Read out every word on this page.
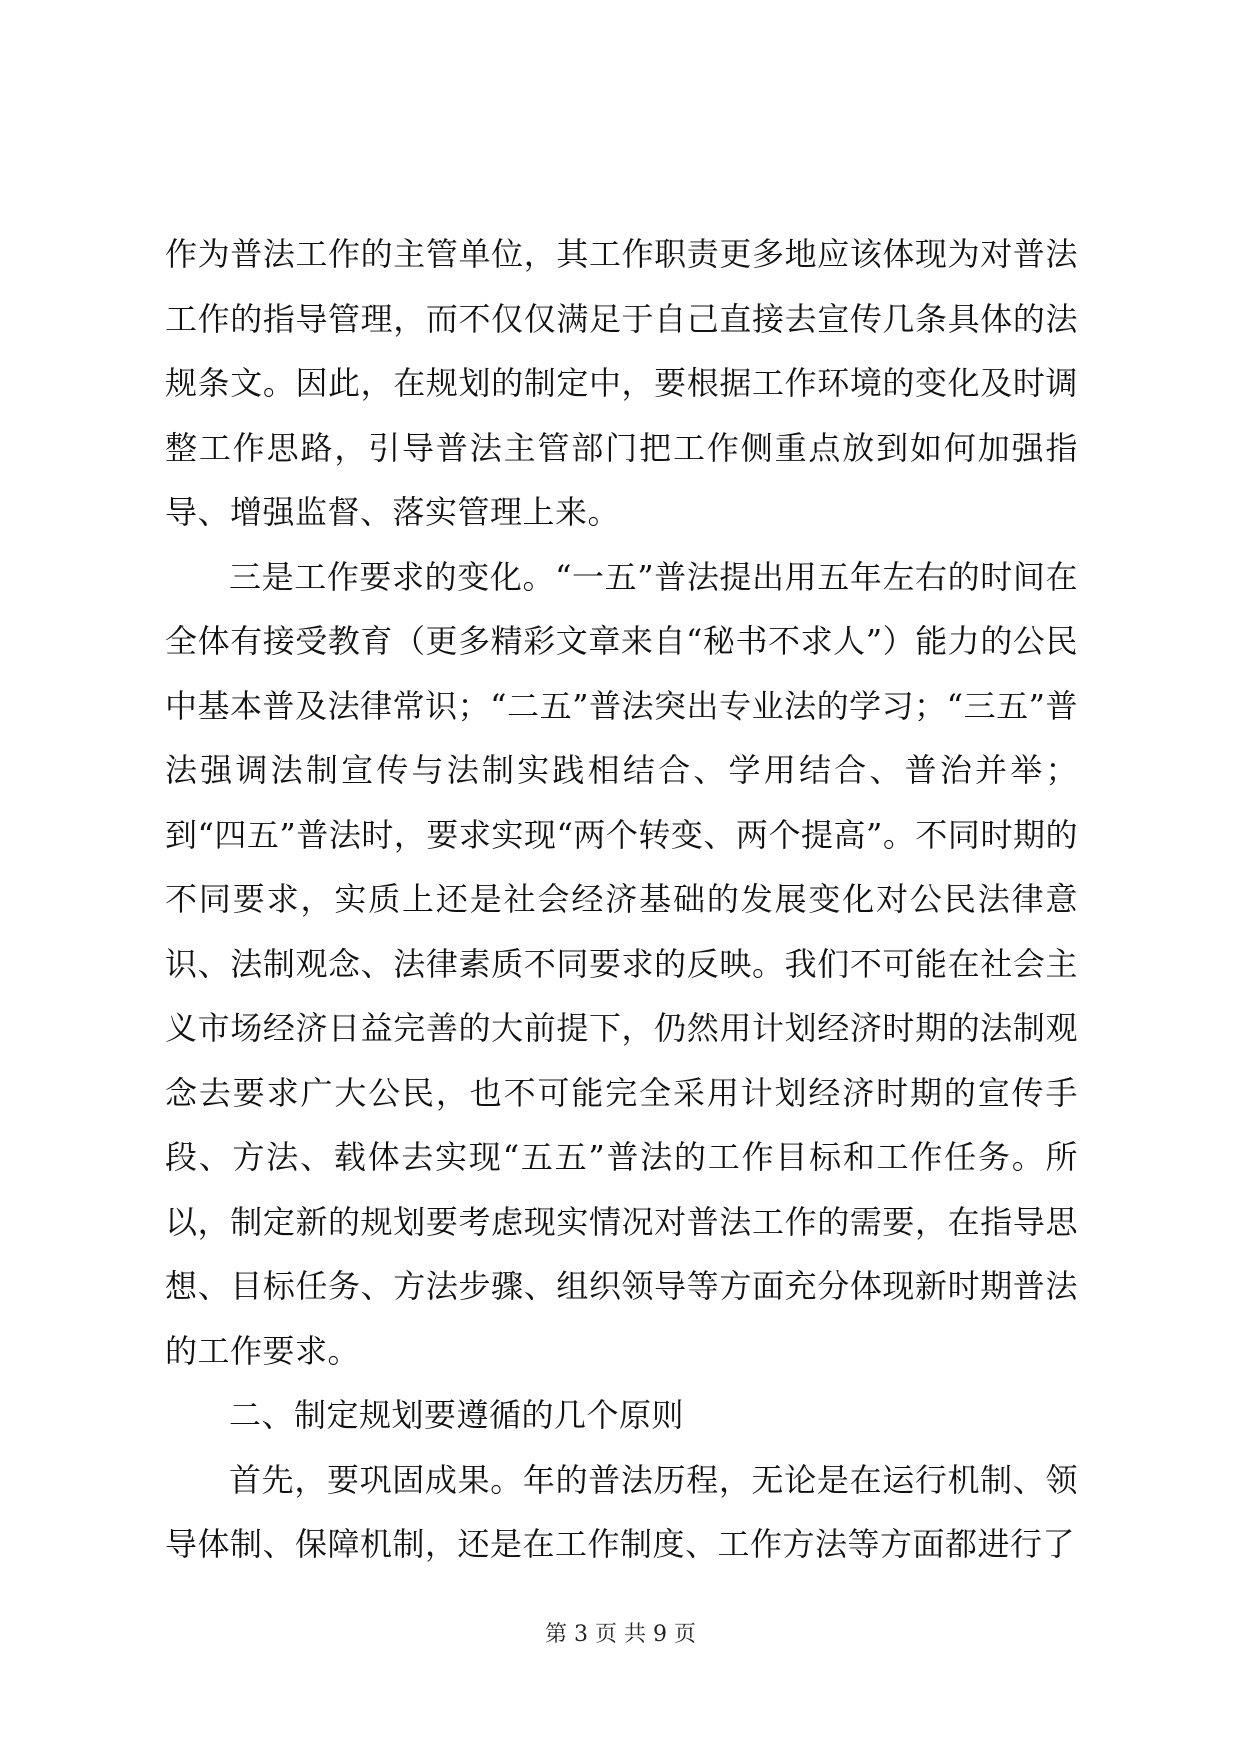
作为普法工作的主管单位，其工作职责更多地应该体现为对普法工作的指导管理，而不仅仅满足于自己直接去宣传几条具体的法规条文。因此，在规划的制定中，要根据工作环境的变化及时调整工作思路，引导普法主管部门把工作侧重点放到如何加强指导、增强监督、落实管理上来。

三是工作要求的变化。“一五”普法提出用五年左右的时间在全体有接受教育（更多精彩文章来自“秘书不求人”）能力的公民中基本普及法律常识；“二五”普法突出专业法的学习；“三五”普法强调法制宣传与法制实践相结合、学用结合、普治并举；到“四五”普法时，要求实现“两个转变、两个提高”。不同时期的不同要求，实质上还是社会经济基础的发展变化对公民法律意识、法制观念、法律素质不同要求的反映。我们不可能在社会主义市场经济日益完善的大前提下，仍然用计划经济时期的法制观念去要求广大公民，也不可能完全采用计划经济时期的宣传手段、方法、载体去实现“五五”普法的工作目标和工作任务。所以，制定新的规划要考虑现实情况对普法工作的需要，在指导思想、目标任务、方法步骤、组织领导等方面充分体现新时期普法的工作要求。

二、制定规划要遵循的几个原则

首先，要巩固成果。年的普法历程，无论是在运行机制、领导体制、保障机制，还是在工作制度、工作方法等方面都进行了

第 3 页 共 9 页
